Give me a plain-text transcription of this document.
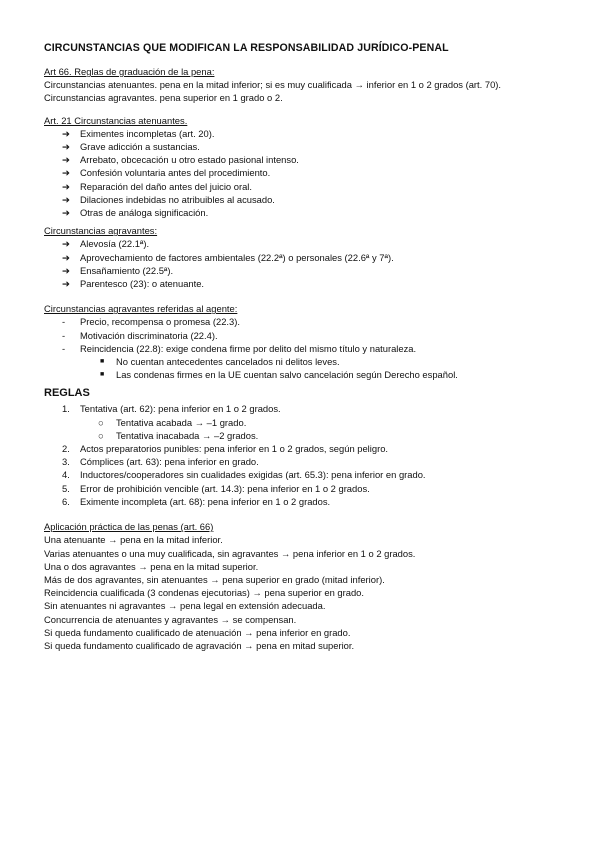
CIRCUNSTANCIAS QUE MODIFICAN LA RESPONSABILIDAD JURÍDICO-PENAL
Art 66. Reglas de graduación de la pena:
Circunstancias atenuantes. pena en la mitad inferior; si es muy cualificada → inferior en 1 o 2 grados (art. 70).
Circunstancias agravantes. pena superior en 1 grado o 2.
Art. 21 Circunstancias atenuantes.
➔ Eximentes incompletas (art. 20).
➔ Grave adicción a sustancias.
➔ Arrebato, obcecación u otro estado pasional intenso.
➔ Confesión voluntaria antes del procedimiento.
➔ Reparación del daño antes del juicio oral.
➔ Dilaciones indebidas no atribuibles al acusado.
➔ Otras de análoga significación.
Circunstancias agravantes:
➔ Alevosía (22.1ª).
➔ Aprovechamiento de factores ambientales (22.2ª) o personales (22.6ª y 7ª).
➔ Ensañamiento (22.5ª).
➔ Parentesco (23): o atenuante.
Circunstancias agravantes referidas al agente:
- Precio, recompensa o promesa (22.3).
- Motivación discriminatoria (22.4).
- Reincidencia (22.8): exige condena firme por delito del mismo título y naturaleza.
■ No cuentan antecedentes cancelados ni delitos leves.
■ Las condenas firmes en la UE cuentan salvo cancelación según Derecho español.
REGLAS
1. Tentativa (art. 62): pena inferior en 1 o 2 grados.
○ Tentativa acabada → –1 grado.
○ Tentativa inacabada → –2 grados.
2. Actos preparatorios punibles: pena inferior en 1 o 2 grados, según peligro.
3. Cómplices (art. 63): pena inferior en grado.
4. Inductores/cooperadores sin cualidades exigidas (art. 65.3): pena inferior en grado.
5. Error de prohibición vencible (art. 14.3): pena inferior en 1 o 2 grados.
6. Eximente incompleta (art. 68): pena inferior en 1 o 2 grados.
Aplicación práctica de las penas (art. 66)
Una atenuante → pena en la mitad inferior.
Varias atenuantes o una muy cualificada, sin agravantes → pena inferior en 1 o 2 grados.
Una o dos agravantes → pena en la mitad superior.
Más de dos agravantes, sin atenuantes → pena superior en grado (mitad inferior).
Reincidencia cualificada (3 condenas ejecutorias) → pena superior en grado.
Sin atenuantes ni agravantes → pena legal en extensión adecuada.
Concurrencia de atenuantes y agravantes → se compensan.
Si queda fundamento cualificado de atenuación → pena inferior en grado.
Si queda fundamento cualificado de agravación → pena en mitad superior.
